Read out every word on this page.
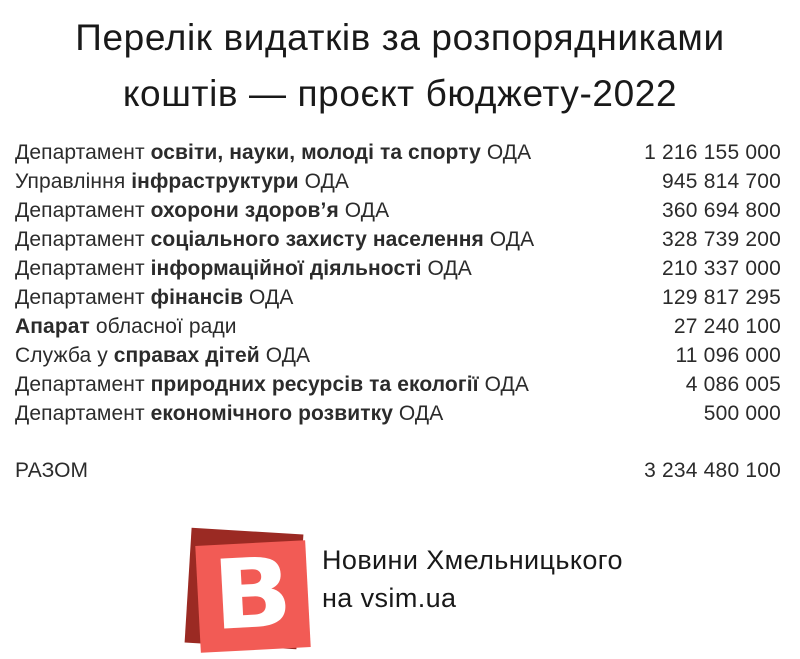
Перелік видатків за розпорядниками
коштів — проєкт бюджету-2022
Департамент освіти, науки, молоді та спорту ОДА	1 216 155 000
Управління інфраструктури ОДА	945 814 700
Департамент охорони здоров’я ОДА	360 694 800
Департамент соціального захисту населення ОДА	328 739 200
Департамент інформаційної діяльності ОДА	210 337 000
Департамент фінансів ОДА	129 817 295
Апарат обласної ради	27 240 100
Служба у справах дітей ОДА	11 096 000
Департамент природних ресурсів та екології ОДА	4 086 005
Департамент економічного розвитку ОДА	500 000
РАЗОМ	3 234 480 100
В Новини Хмельницького
на vsim.ua
